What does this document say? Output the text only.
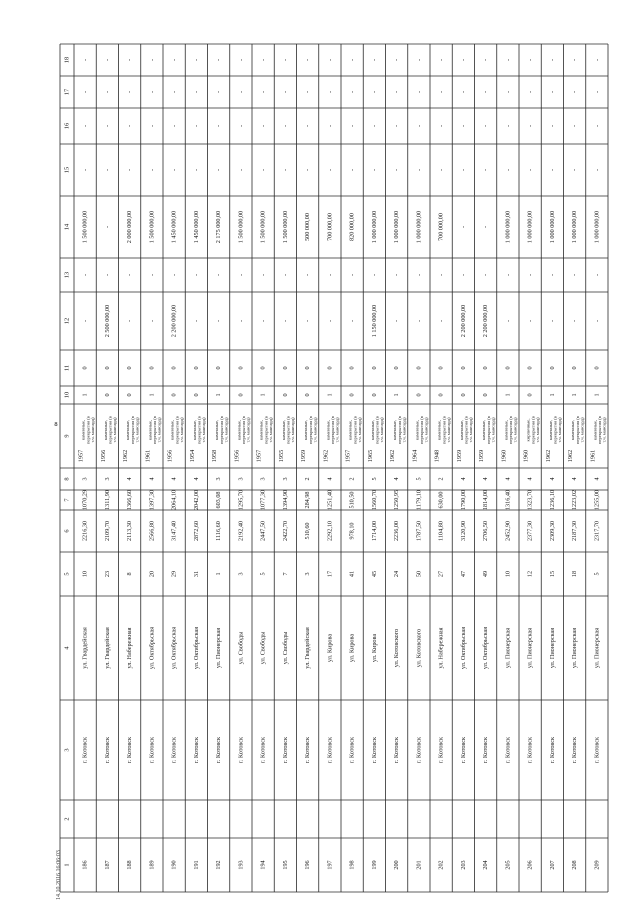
1
2
3
4
5
6
7
8
9
10
11
12
13
14
15
16
17
18
186
г. Котовск
ул. Гвардейская
10
2216,30
1070,29
3
1957
каменные, перекрытия (в т.ч. мансард)
1
0
-
-
1 500 000,00
-
-
-
-
187
г. Котовск
ул. Гвардейская
23
2109,70
1311,90
3
1956
каменные, перекрытия (в т.ч. мансард)
0
0
2 500 000,00
-
-
-
-
-
-
188
г. Котовск
ул. Набережная
8
2113,30
1366,60
4
1962
каменные, перекрытия (в т.ч. мансард)
0
0
-
-
2 000 000,00
-
-
-
-
189
г. Котовск
ул. Октябрьская
20
2566,80
1397,30
4
1961
каменные, перекрытия (в т.ч. мансард)
1
0
-
-
1 500 000,00
-
-
-
-
190
г. Котовск
ул. Октябрьская
29
3147,40
2064,10
4
1956
каменные, перекрытия (в т.ч. мансард)
0
0
2 200 000,00
-
1 450 000,00
-
-
-
-
191
г. Котовск
ул. Октябрьская
31
2872,60
2042,00
4
1954
каменные, перекрытия (в т.ч. мансард)
0
0
-
-
1 450 000,00
-
-
-
-
192
г. Котовск
ул. Пионерская
1
1116,60
603,08
3
1958
каменные, перекрытия (в т.ч. мансард)
1
0
-
-
2 175 000,00
-
-
-
-
193
г. Котовск
ул. Свободы
3
2192,40
1295,70
3
1956
каменные, перекрытия (в т.ч. мансард)
0
0
-
-
1 500 000,00
-
-
-
-
194
г. Котовск
ул. Свободы
5
2447,50
1077,30
3
1957
каменные, перекрытия (в т.ч. мансард)
1
0
-
-
1 500 000,00
-
-
-
-
195
г. Котовск
ул. Свободы
7
2422,70
1394,90
3
1955
каменные, перекрытия (в т.ч. мансард)
0
0
-
-
1 500 000,00
-
-
-
-
196
г. Котовск
ул. Гвардейская
3
510,60
284,98
2
1959
каменные, перекрытия (в т.ч. мансард)
0
0
-
-
500 000,00
-
-
-
-
197
г. Котовск
ул. Кирова
17
2292,10
1251,40
4
1962
каменные, перекрытия (в т.ч. мансард)
1
0
-
-
700 000,00
-
-
-
-
198
г. Котовск
ул. Кирова
41
978,10
510,50
2
1957
каменные, перекрытия (в т.ч. мансард)
0
0
-
-
820 000,00
-
-
-
-
199
г. Котовск
ул. Кирова
45
1714,00
1560,70
5
1965
каменные, перекрытия (в т.ч. мансард)
0
0
1 150 000,00
-
1 000 000,00
-
-
-
-
200
г. Котовск
ул. Котовского
24
2236,00
1250,95
4
1962
каменные, перекрытия (в т.ч. мансард)
1
0
-
-
1 000 000,00
-
-
-
-
201
г. Котовск
ул. Котовского
50
1787,50
1179,10
5
1964
каменные, перекрытия (в т.ч. мансард)
0
0
-
-
1 000 000,00
-
-
-
-
202
г. Котовск
ул. Набережная
27
1104,80
630,00
2
1948
каменные, перекрытия (в т.ч. мансард)
0
0
-
-
700 000,00
-
-
-
-
203
г. Котовск
ул. Октябрьская
47
3120,90
1790,00
4
1959
каменные, перекрытия (в т.ч. мансард)
0
0
2 200 000,00
-
-
-
-
-
-
204
г. Котовск
ул. Октябрьская
49
2706,50
1814,00
4
1959
каменные, перекрытия (в т.ч. мансард)
0
0
2 200 000,00
-
-
-
-
-
-
205
г. Котовск
ул. Пионерская
10
2452,90
1316,40
4
1960
каменные, перекрытия (в т.ч. мансард)
1
0
-
-
1 000 000,00
-
-
-
-
206
г. Котовск
ул. Пионерская
12
2377,30
1323,70
4
1960
кирпичные, перекрытия (в т.ч. мансард)
0
0
-
-
1 000 000,00
-
-
-
-
207
г. Котовск
ул. Пионерская
15
2309,30
1236,10
4
1962
каменные, перекрытия (в т.ч. мансард)
1
0
-
-
1 000 000,00
-
-
-
-
208
г. Котовск
ул. Пионерская
18
2187,30
1223,02
4
1962
каменные, перекрытия (в т.ч. мансард)
1
0
-
-
1 000 000,00
-
-
-
-
209
г. Котовск
ул. Пионерская
5
2317,70
1255,00
4
1961
каменные, перекрытия (в т.ч. мансард)
1
0
-
-
1 000 000,00
-
-
-
-
8
14.10.2016 16:06:03
